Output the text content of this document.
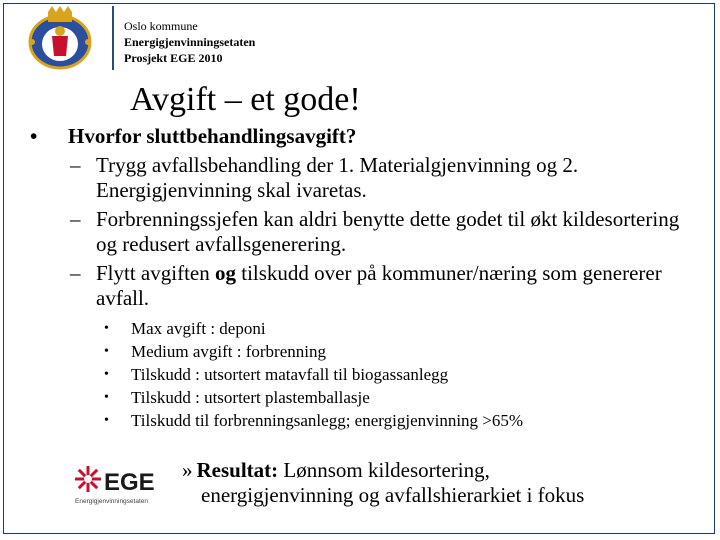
Oslo kommune
Energigjenvinningsetaten
Prosjekt EGE 2010
Avgift – et gode!
• Hvorfor sluttbehandlingsavgift?
– Trygg avfallsbehandling der 1. Materialgjenvinning og 2. Energigjenvinning skal ivaretas.
– Forbrenningssjefen kan aldri benytte dette godet til økt kildesortering og redusert avfallsgenerering.
– Flytt avgiften og tilskudd over på kommuner/næring som genererer avfall.
• Max avgift : deponi
• Medium avgift : forbrenning
• Tilskudd : utsortert matavfall til biogassanlegg
• Tilskudd : utsortert plastemballasje
• Tilskudd til forbrenningsanlegg; energigjenvinning >65%
EGE
Energigjenvinningsetaten
» Resultat: Lønnsom kildesortering,
energigjenvinning og avfallshierarkiet i fokus
